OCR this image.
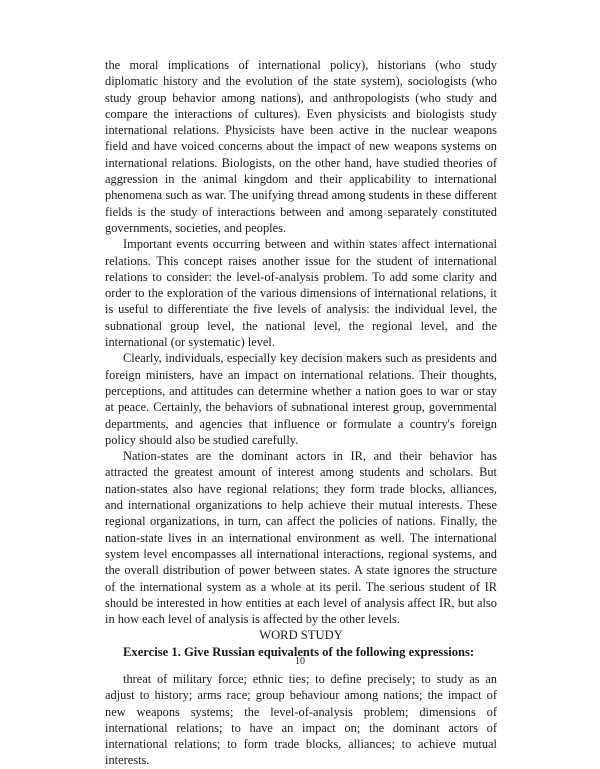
the moral implications of international policy), historians (who study diplomatic history and the evolution of the state system), sociologists (who study group behavior among nations), and anthropologists (who study and compare the interactions of cultures). Even physicists and biologists study international relations. Physicists have been active in the nuclear weapons field and have voiced concerns about the impact of new weapons systems on international relations. Biologists, on the other hand, have studied theories of aggression in the animal kingdom and their applicability to international phenomena such as war. The unifying thread among students in these different fields is the study of interactions between and among separately constituted governments, societies, and peoples.

Important events occurring between and within states affect international relations. This concept raises another issue for the student of international relations to consider: the level-of-analysis problem. To add some clarity and order to the exploration of the various dimensions of international relations, it is useful to differentiate the five levels of analysis: the individual level, the subnational group level, the national level, the regional level, and the international (or systematic) level.

Clearly, individuals, especially key decision makers such as presidents and foreign ministers, have an impact on international relations. Their thoughts, perceptions, and attitudes can determine whether a nation goes to war or stay at peace. Certainly, the behaviors of subnational interest group, governmental departments, and agencies that influence or formulate a country's foreign policy should also be studied carefully.

Nation-states are the dominant actors in IR, and their behavior has attracted the greatest amount of interest among students and scholars. But nation-states also have regional relations; they form trade blocks, alliances, and international organizations to help achieve their mutual interests. These regional organizations, in turn, can affect the policies of nations. Finally, the nation-state lives in an international environment as well. The international system level encompasses all international interactions, regional systems, and the overall distribution of power between states. A state ignores the structure of the international system as a whole at its peril. The serious student of IR should be interested in how entities at each level of analysis affect IR, but also in how each level of analysis is affected by the other levels.

WORD STUDY

Exercise 1. Give Russian equivalents of the following expressions:

threat of military force; ethnic ties; to define precisely; to study as an adjust to history; arms race; group behaviour among nations; the impact of new weapons systems; the level-of-analysis problem; dimensions of international relations; to have an impact on; the dominant actors of international relations; to form trade blocks, alliances; to achieve mutual interests.

10
